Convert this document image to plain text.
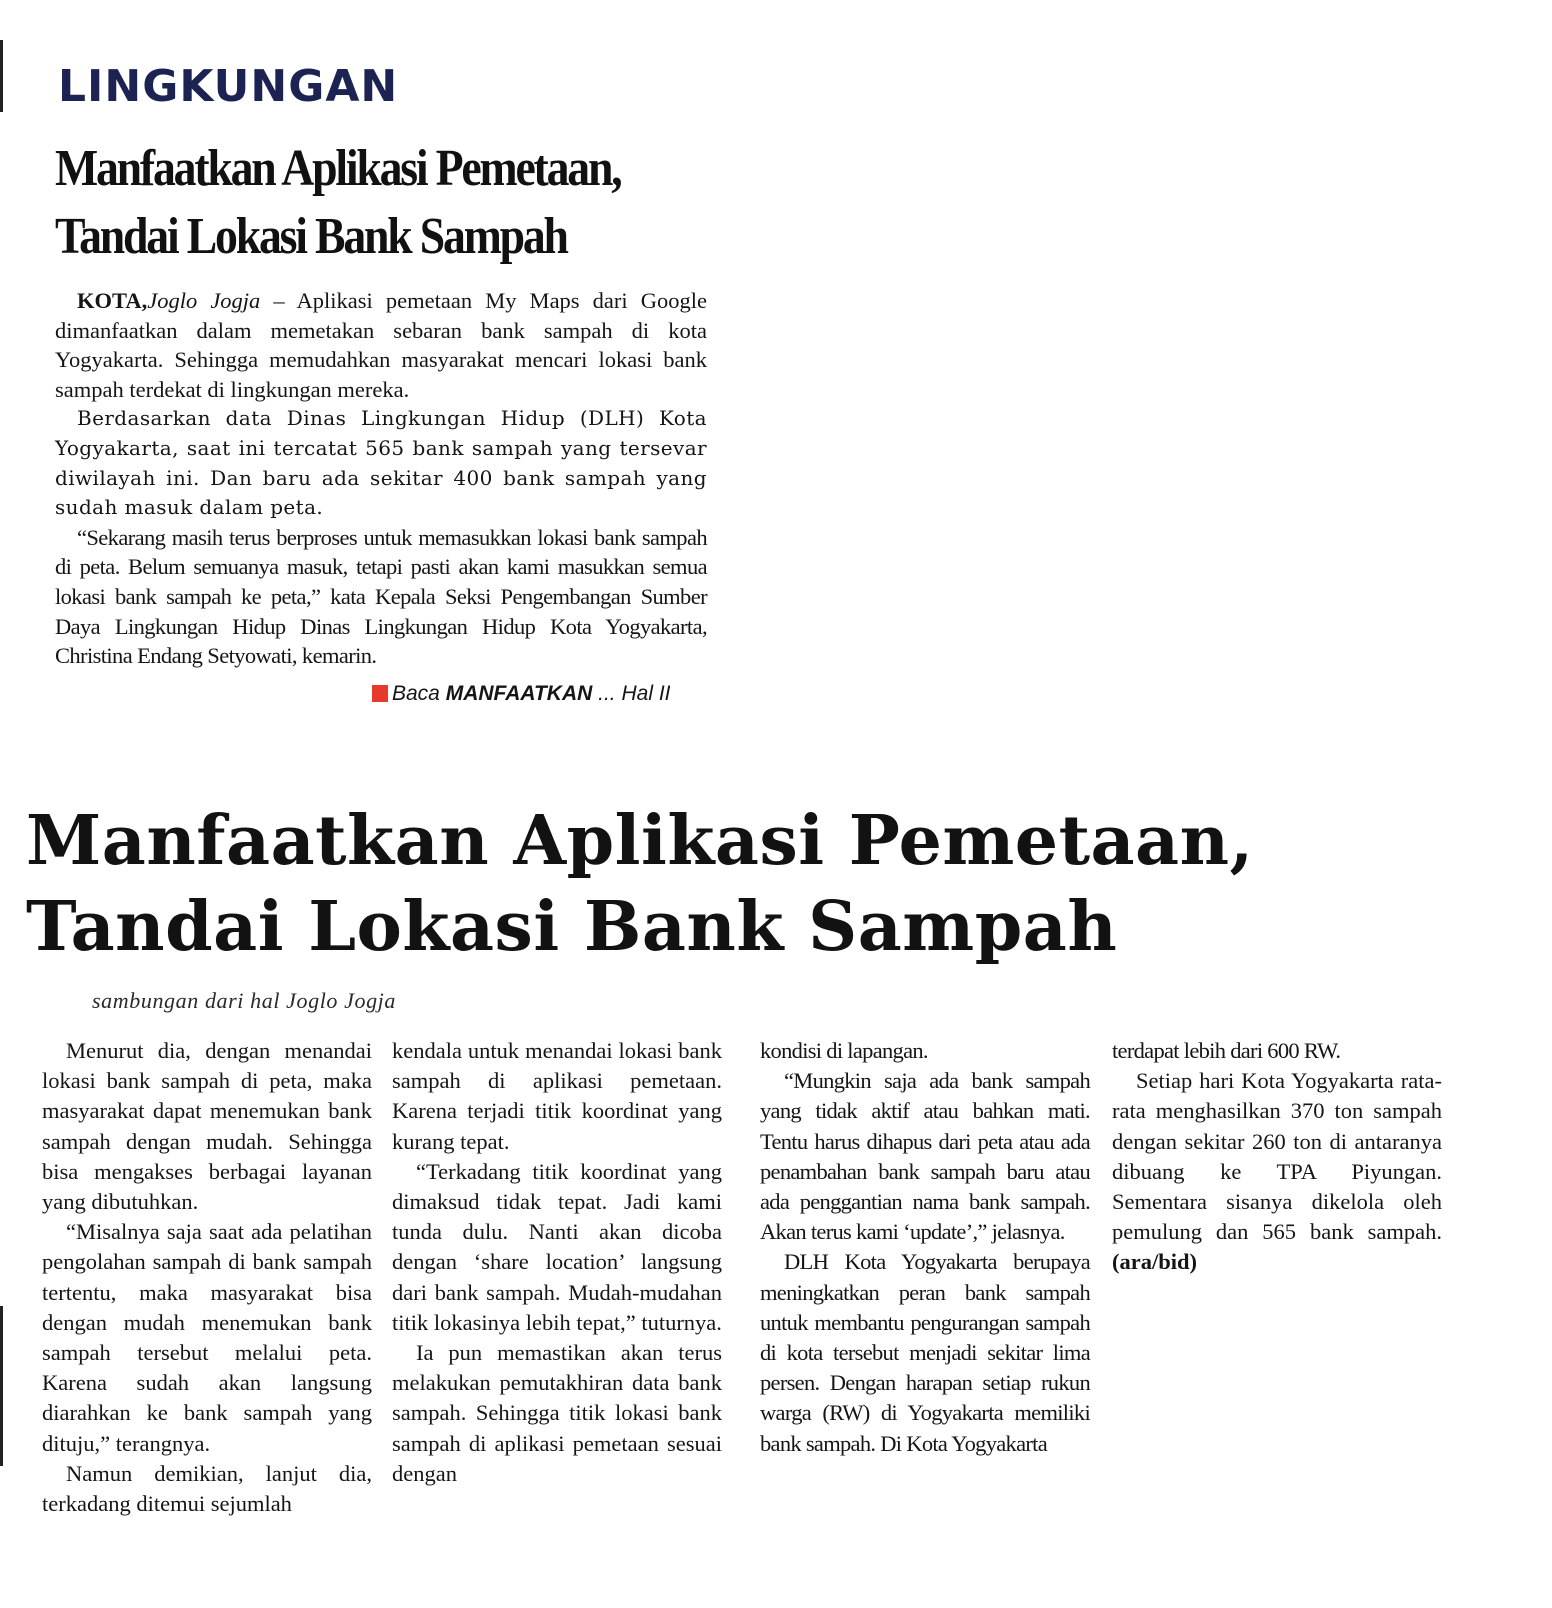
LINGKUNGAN
Manfaatkan Aplikasi Pemetaan,
Tandai Lokasi Bank Sampah

KOTA,Joglo Jogja – Aplikasi pemetaan My Maps dari Google dimanfaatkan dalam memetakan sebaran bank sampah di kota Yogyakarta. Sehingga memudahkan masyarakat mencari lokasi bank sampah terdekat di lingkungan mereka.

Berdasarkan data Dinas Lingkungan Hidup (DLH) Kota Yogyakarta, saat ini tercatat 565 bank sampah yang tersevar diwilayah ini. Dan baru ada sekitar 400 bank sampah yang sudah masuk dalam peta.

“Sekarang masih terus berproses untuk memasukkan lokasi bank sampah di peta. Belum semuanya masuk, tetapi pasti akan kami masukkan semua lokasi bank sampah ke peta,” kata Kepala Seksi Pengembangan Sumber Daya Lingkungan Hidup Dinas Lingkungan Hidup Kota Yogyakarta, Christina Endang Setyowati, kemarin.

Baca MANFAATKAN ... Hal II
Manfaatkan Aplikasi Pemetaan,
Tandai Lokasi Bank Sampah
sambungan dari hal Joglo Jogja

Menurut dia, dengan menandai lokasi bank sampah di peta, maka masyarakat dapat menemukan bank sampah dengan mudah. Sehingga bisa mengakses berbagai layanan yang dibutuhkan.

“Misalnya saja saat ada pelatihan pengolahan sampah di bank sampah tertentu, maka masyarakat bisa dengan mudah menemukan bank sampah tersebut melalui peta. Karena sudah akan langsung diarahkan ke bank sampah yang dituju,” terangnya.

Namun demikian, lanjut dia, terkadang ditemui sejumlah

kendala untuk menandai lokasi bank sampah di aplikasi pemetaan. Karena terjadi titik koordinat yang kurang tepat.

“Terkadang titik koordinat yang dimaksud tidak tepat. Jadi kami tunda dulu. Nanti akan dicoba dengan ‘share location’ langsung dari bank sampah. Mudah-mudahan titik lokasinya lebih tepat,” tuturnya.

Ia pun memastikan akan terus melakukan pemutakhiran data bank sampah. Sehingga titik lokasi bank sampah di aplikasi pemetaan sesuai dengan

kondisi di lapangan.

“Mungkin saja ada bank sampah yang tidak aktif atau bahkan mati. Tentu harus dihapus dari peta atau ada penambahan bank sampah baru atau ada penggantian nama bank sampah. Akan terus kami ‘update’,” jelasnya.

DLH Kota Yogyakarta berupaya meningkatkan peran bank sampah untuk membantu pengurangan sampah di kota tersebut menjadi sekitar lima persen. Dengan harapan setiap rukun warga (RW) di Yogyakarta memiliki bank sampah. Di Kota Yogyakarta

terdapat lebih dari 600 RW.

Setiap hari Kota Yogyakarta rata-rata menghasilkan 370 ton sampah dengan sekitar 260 ton di antaranya dibuang ke TPA Piyungan. Sementara sisanya dikelola oleh pemulung dan 565 bank sampah. (ara/bid)
